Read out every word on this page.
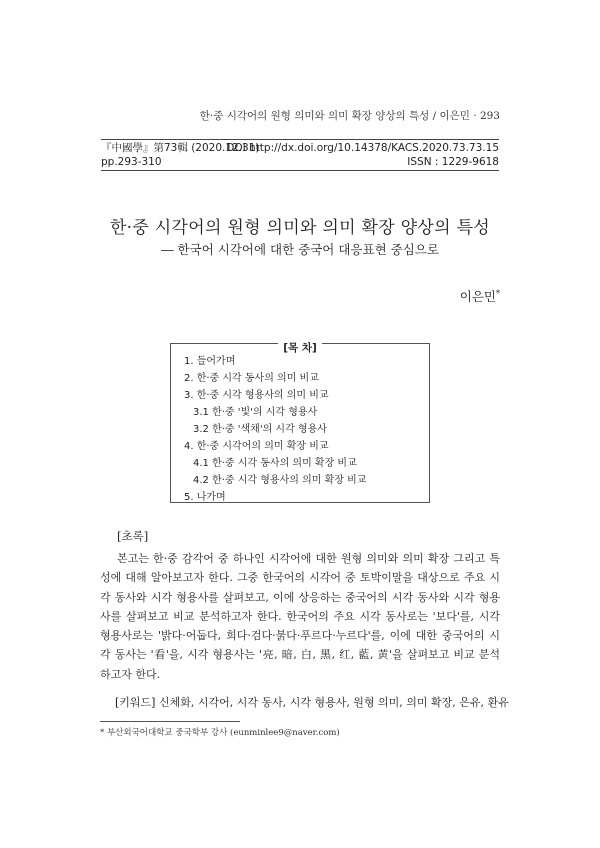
한·중 시각어의 원형 의미와 의미 확장 양상의 특성 / 이은민 · 293
『中國學』第73輯 (2020.12.31)
DOI http://dx.doi.org/10.14378/KACS.2020.73.73.15
pp.293-310	ISSN : 1229-9618
한·중 시각어의 원형 의미와 의미 확장 양상의 특성
― 한국어 시각어에 대한 중국어 대응표현 중심으로
이은민*
[목 차]
1. 들어가며
2. 한·중 시각 동사의 의미 비교
3. 한·중 시각 형용사의 의미 비교
3.1 한·중 '빛'의 시각 형용사
3.2 한·중 '색채'의 시각 형용사
4. 한·중 시각어의 의미 확장 비교
4.1 한·중 시각 동사의 의미 확장 비교
4.2 한·중 시각 형용사의 의미 확장 비교
5. 나가며
[초록]

본고는 한·중 감각어 중 하나인 시각어에 대한 원형 의미와 의미 확장 그리고 특성에 대해 알아보고자 한다. 그중 한국어의 시각어 중 토박이말을 대상으로 주요 시각 동사와 시각 형용사를 살펴보고, 이에 상응하는 중국어의 시각 동사와 시각 형용사를 살펴보고 비교 분석하고자 한다. 한국어의 주요 시각 동사로는 '보다'를, 시각 형용사로는 '밝다·어둡다, 희다·검다·붉다·푸르다·누르다'를, 이에 대한 중국어의 시각 동사는 '看'을, 시각 형용사는 '亮, 暗, 白, 黑, 红, 藍, 黄'을 살펴보고 비교 분석 하고자 한다.

[키워드] 신체화, 시각어, 시각 동사, 시각 형용사, 원형 의미, 의미 확장, 은유, 환유
* 부산외국어대학교 중국학부 강사 (eunminlee9@naver.com)
